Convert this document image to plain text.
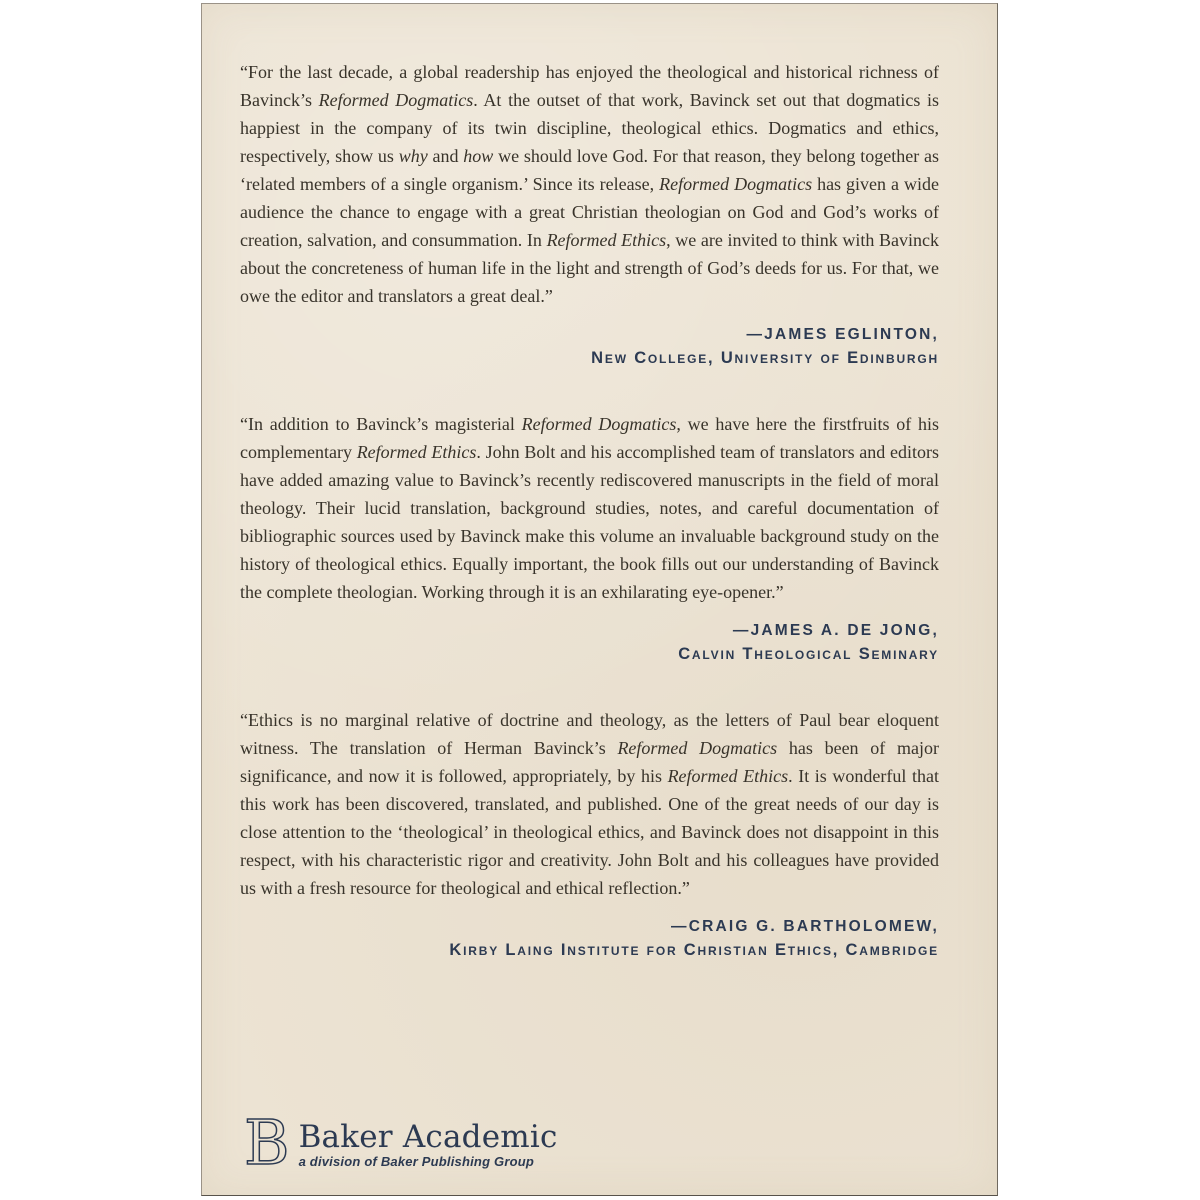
“For the last decade, a global readership has enjoyed the theological and historical richness of Bavinck’s Reformed Dogmatics. At the outset of that work, Bavinck set out that dogmatics is happiest in the company of its twin discipline, theological ethics. Dogmatics and ethics, respectively, show us why and how we should love God. For that reason, they belong together as ‘related members of a single organism.’ Since its release, Reformed Dogmatics has given a wide audience the chance to engage with a great Christian theologian on God and God’s works of creation, salvation, and consummation. In Reformed Ethics, we are invited to think with Bavinck about the concreteness of human life in the light and strength of God’s deeds for us. For that, we owe the editor and translators a great deal.”

—JAMES EGLINTON,

New College, University of Edinburgh

“In addition to Bavinck’s magisterial Reformed Dogmatics, we have here the firstfruits of his complementary Reformed Ethics. John Bolt and his accomplished team of translators and editors have added amazing value to Bavinck’s recently rediscovered manuscripts in the field of moral theology. Their lucid translation, background studies, notes, and careful documentation of bibliographic sources used by Bavinck make this volume an invaluable background study on the history of theological ethics. Equally important, the book fills out our understanding of Bavinck the complete theologian. Working through it is an exhilarating eye-opener.”

—JAMES A. DE JONG,

Calvin Theological Seminary

“Ethics is no marginal relative of doctrine and theology, as the letters of Paul bear eloquent witness. The translation of Herman Bavinck’s Reformed Dogmatics has been of major significance, and now it is followed, appropriately, by his Reformed Ethics. It is wonderful that this work has been discovered, translated, and published. One of the great needs of our day is close attention to the ‘theological’ in theological ethics, and Bavinck does not disappoint in this respect, with his characteristic rigor and creativity. John Bolt and his colleagues have provided us with a fresh resource for theological and ethical reflection.”

—CRAIG G. BARTHOLOMEW,

Kirby Laing Institute for Christian Ethics, Cambridge

B Baker Academic
a division of Baker Publishing Group
